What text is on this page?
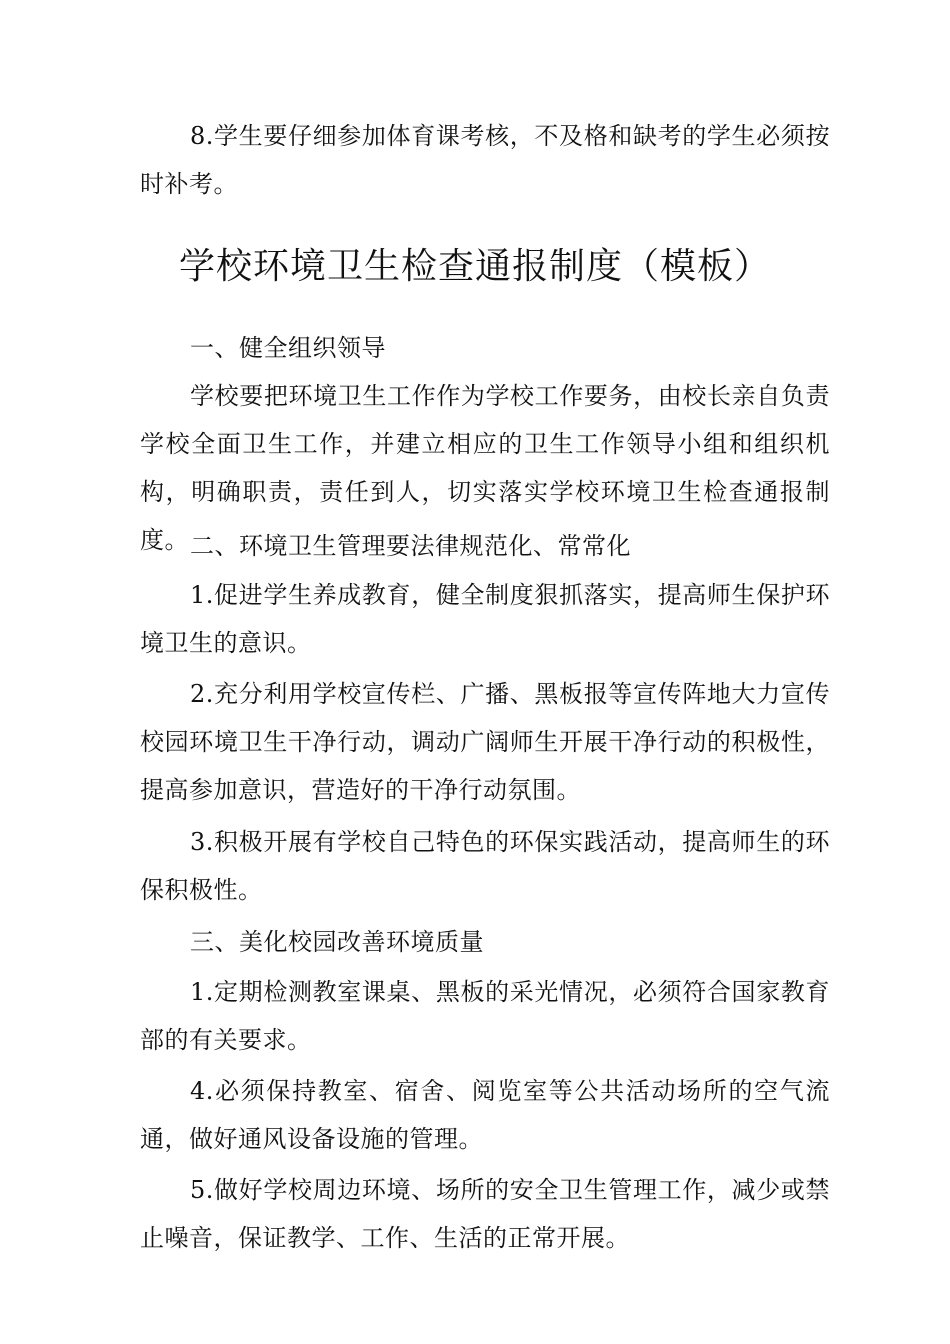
8.学生要仔细参加体育课考核，不及格和缺考的学生必须按时补考。

学校环境卫生检查通报制度（模板）

一、健全组织领导

学校要把环境卫生工作作为学校工作要务，由校长亲自负责学校全面卫生工作，并建立相应的卫生工作领导小组和组织机构，明确职责，责任到人，切实落实学校环境卫生检查通报制度。 二、环境卫生管理要法律规范化、常常化

1.促进学生养成教育，健全制度狠抓落实，提高师生保护环境卫生的意识。

2.充分利用学校宣传栏、广播、黑板报等宣传阵地大力宣传校园环境卫生干净行动，调动广阔师生开展干净行动的积极性，提高参加意识，营造好的干净行动氛围。

3.积极开展有学校自己特色的环保实践活动，提高师生的环保积极性。

三、美化校园改善环境质量

1.定期检测教室课桌、黑板的采光情况，必须符合国家教育部的有关要求。

4.必须保持教室、宿舍、阅览室等公共活动场所的空气流通，做好通风设备设施的管理。

5.做好学校周边环境、场所的安全卫生管理工作，减少或禁止噪音，保证教学、工作、生活的正常开展。
